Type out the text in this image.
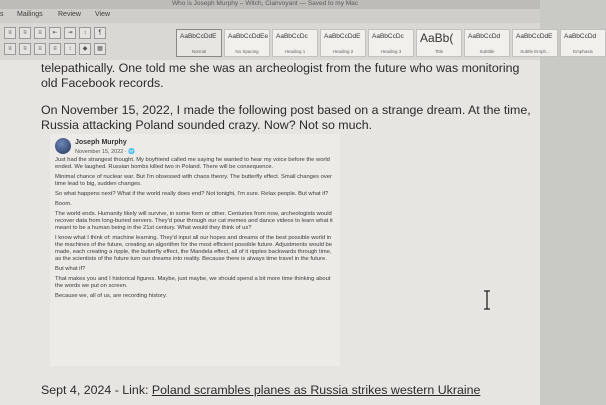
Who is Joseph Murphy – Witch, Clairvoyant — Saved to my Mac
s Mailings Review View
≡	≡	≡	⇤	⇥	↕	¶
≡	≡	≡	≡	↕	◆	▦
AaBbCcDdE
Normal
AaBbCcDdEe
No Spacing
AaBbCcDc
Heading 1
AaBbCcDdE
Heading 2
AaBbCcDc
Heading 3
AaBb(
Title
AaBbCcDd
Subtitle
AaBbCcDdE
Subtle Emph...
AaBbCcDd
Emphasis
telepathically. One told me she was an archeologist from the future who was monitoring
old Facebook records.
On November 15, 2022, I made the following post based on a strange dream. At the time,
Russia attacking Poland sounded crazy. Now? Not so much.
Joseph Murphy
November 15, 2022 · 🌐

Just had the strangest thought. My boyfriend called me saying he wanted to hear my voice before the world ended. We laughed. Russian bombs killed two in Poland. There will be consequence.

Minimal chance of nuclear war. But I'm obsessed with chaos theory. The butterfly effect. Small changes over time lead to big, sudden changes.

So what happens next? What if the world really does end? Not tonight, I'm sure. Relax people. But what if?

Boom.

The world ends. Humanity likely will survive, in some form or other. Centuries from now, archeologists would recover data from long-buried servers. They'd pour through our cat memes and dance videos to learn what it meant to be a human being in the 21st century. What would they think of us?

I know what I think of: machine learning. They'd input all our hopes and dreams of the best possible world in the machines of the future, creating an algorithm for the most efficient possible future. Adjustments would be made, each creating a ripple, the butterfly effect, the Mandela effect, all of it ripples backwards through time, as the scientists of the future turn our dreams into reality. Because there is always time travel in the future.

But what if?

That makes you and I historical figures. Maybe, just maybe, we should spend a bit more time thinking about the words we put on screen.

Because we, all of us, are recording history.

Sept 4, 2024 - Link: Poland scrambles planes as Russia strikes western Ukraine
